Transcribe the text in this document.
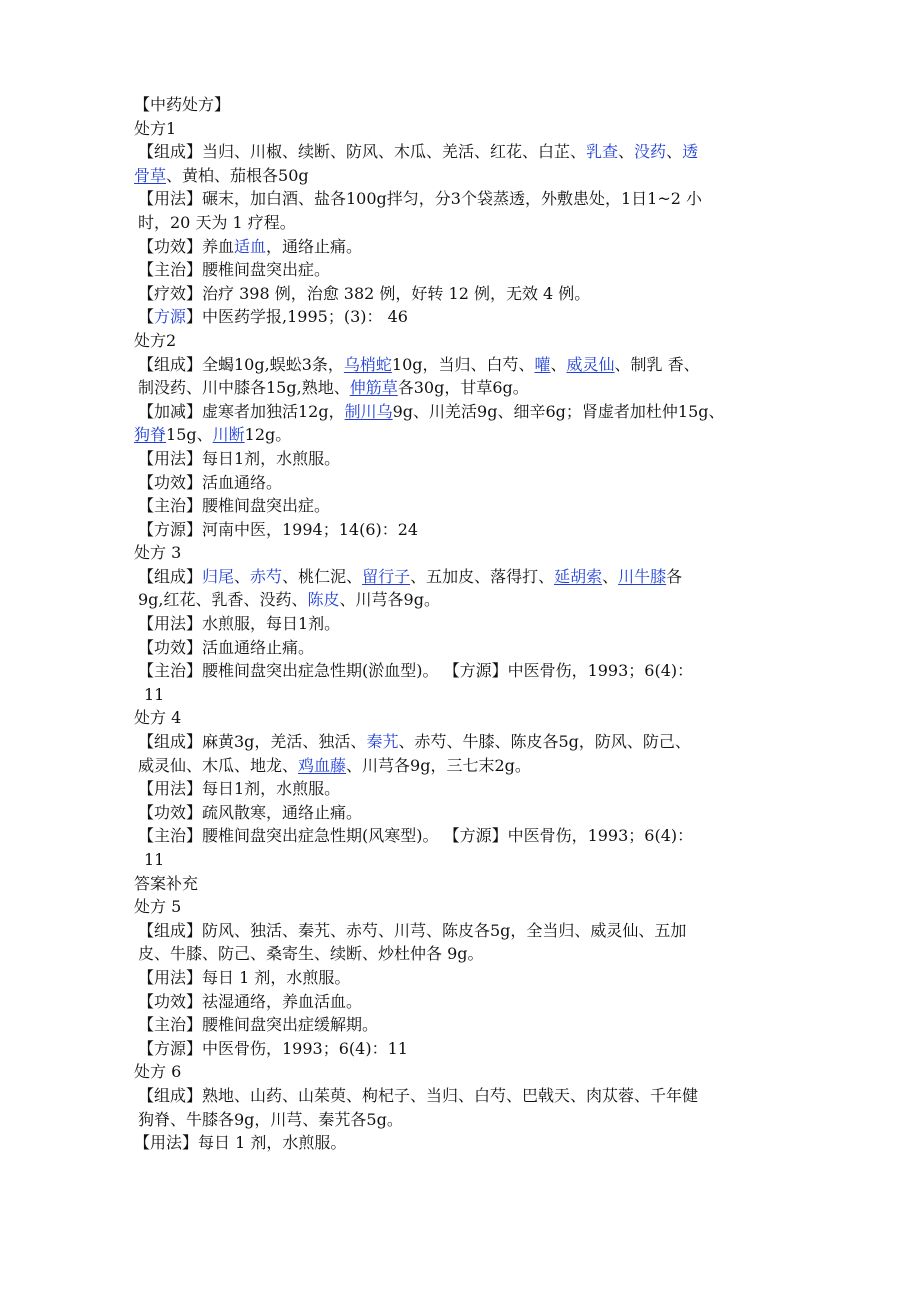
【中药处方】
处方1
【组成】当归、川椒、续断、防风、木瓜、羌活、红花、白芷、乳查、没药、透
骨草、黄柏、茄根各50g
【用法】碾末，加白酒、盐各100g拌匀，分3个袋蒸透，外敷患处，1日1~2 小
时，20 天为 1 疗程。
【功效】养血适血，通络止痛。
【主治】腰椎间盘突出症。
【疗效】治疗 398 例，治愈 382 例，好转 12 例，无效 4 例。
【方源】中医药学报,1995；(3)： 46
处方2
【组成】全蝎10g,蜈蚣3条，乌梢蛇10g，当归、白芍、嚾、威灵仙、制乳 香、
制没药、川中膝各15g,熟地、伸筋草各30g，甘草6g。
【加减】虚寒者加独活12g，制川乌9g、川羌活9g、细辛6g；肾虚者加杜仲15g、
狗脊15g、川断12g。
【用法】每日1剂，水煎服。
【功效】活血通络。
【主治】腰椎间盘突出症。
【方源】河南中医，1994；14(6)：24
处方 3
【组成】归尾、赤芍、桃仁泥、留行子、五加皮、落得打、延胡索、川牛膝各
9g,红花、乳香、没药、陈皮、川芎各9g。
【用法】水煎服，每日1剂。
【功效】活血通络止痛。
【主治】腰椎间盘突出症急性期(淤血型)。 【方源】中医骨伤，1993；6(4)：
11
处方 4
【组成】麻黄3g，羌活、独活、秦艽、赤芍、牛膝、陈皮各5g，防风、防己、
威灵仙、木瓜、地龙、鸡血藤、川芎各9g，三七末2g。
【用法】每日1剂，水煎服。
【功效】疏风散寒，通络止痛。
【主治】腰椎间盘突出症急性期(风寒型)。 【方源】中医骨伤，1993；6(4)：
11
答案补充
处方 5
【组成】防风、独活、秦艽、赤芍、川芎、陈皮各5g，全当归、威灵仙、五加
皮、牛膝、防己、桑寄生、续断、炒杜仲各 9g。
【用法】每日 1 剂，水煎服。
【功效】祛湿通络，养血活血。
【主治】腰椎间盘突出症缓解期。
【方源】中医骨伤，1993；6(4)：11
处方 6
【组成】熟地、山药、山茱萸、枸杞子、当归、白芍、巴戟天、肉苁蓉、千年健
狗脊、牛膝各9g，川芎、秦艽各5g。
【用法】每日 1 剂，水煎服。
